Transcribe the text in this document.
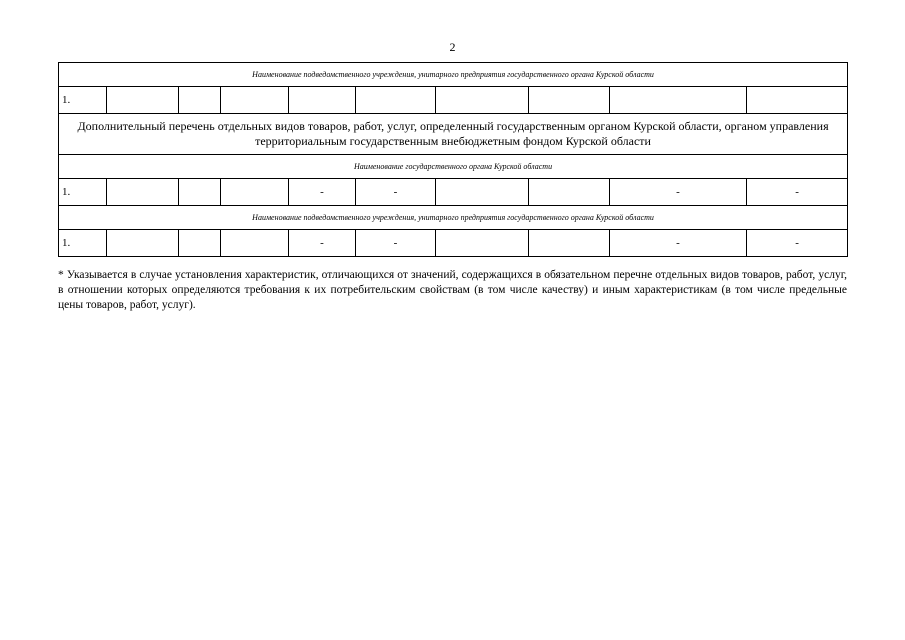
2
Наименование подведомственного учреждения, унитарного предприятия государственного органа Курской области									
1.									
Дополнительный перечень отдельных видов товаров, работ, услуг, определенный государственным органом Курской области, органом управления территориальным государственным внебюджетным фондом Курской области									
Наименование государственного органа Курской области									
1.				-	-			-	-
Наименование подведомственного учреждения, унитарного предприятия государственного органа Курской области									
1.				-	-			-	-
* Указывается в случае установления характеристик, отличающихся от значений, содержащихся в обязательном перечне отдельных видов товаров, работ, услуг, в отношении которых определяются требования к их потребительским свойствам (в том числе качеству) и иным характеристикам (в том числе предельные цены товаров, работ, услуг).
